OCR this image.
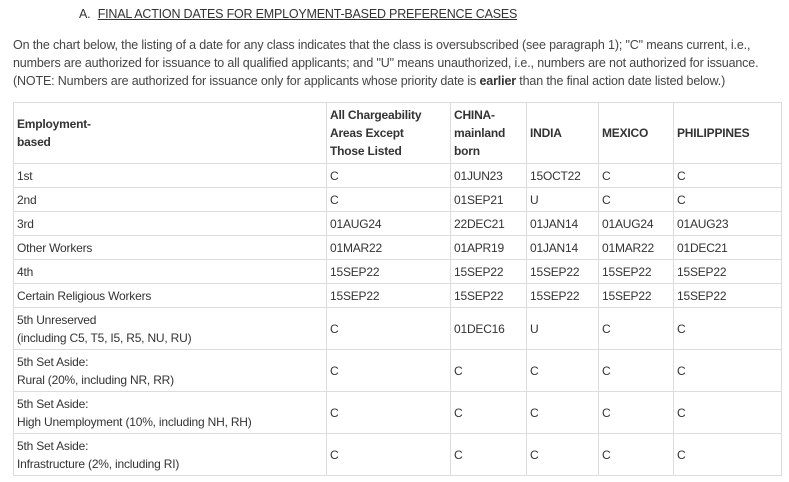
A. FINAL ACTION DATES FOR EMPLOYMENT-BASED PREFERENCE CASES
On the chart below, the listing of a date for any class indicates that the class is oversubscribed (see paragraph 1); "C" means current, i.e., numbers are authorized for issuance to all qualified applicants; and "U" means unauthorized, i.e., numbers are not authorized for issuance. (NOTE: Numbers are authorized for issuance only for applicants whose priority date is earlier than the final action date listed below.)
Employment-
based	All Chargeability
Areas Except
Those Listed	CHINA-
mainland
born	INDIA	MEXICO	PHILIPPINES
1st	C	01JUN23	15OCT22	C	C
2nd	C	01SEP21	U	C	C
3rd	01AUG24	22DEC21	01JAN14	01AUG24	01AUG23
Other Workers	01MAR22	01APR19	01JAN14	01MAR22	01DEC21
4th	15SEP22	15SEP22	15SEP22	15SEP22	15SEP22
Certain Religious Workers	15SEP22	15SEP22	15SEP22	15SEP22	15SEP22
5th Unreserved
(including C5, T5, I5, R5, NU, RU)	C	01DEC16	U	C	C
5th Set Aside:
Rural (20%, including NR, RR)	C	C	C	C	C
5th Set Aside:
High Unemployment (10%, including NH, RH)	C	C	C	C	C
5th Set Aside:
Infrastructure (2%, including RI)	C	C	C	C	C
